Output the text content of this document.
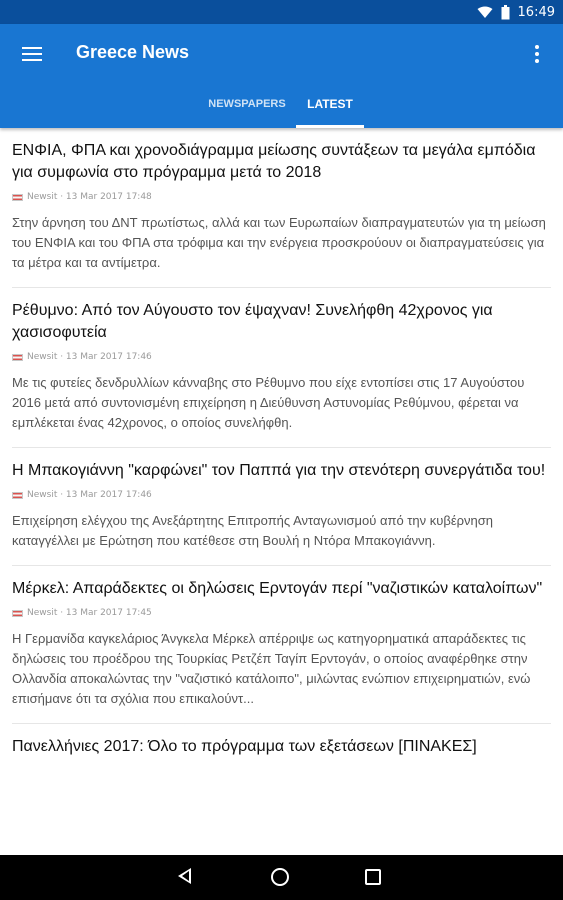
16:49
Greece News
NEWSPAPERS	LATEST

ΕΝΦΙΑ, ΦΠΑ και χρονοδιάγραμμα μείωσης συντάξεων τα μεγάλα εμπόδια για συμφωνία στο πρόγραμμα μετά το 2018

Newsit · 13 Mar 2017 17:48
Στην άρνηση του ΔΝΤ πρωτίστως, αλλά και των Ευρωπαίων διαπραγματευτών για τη μείωση του ΕΝΦΙΑ και του ΦΠΑ στα τρόφιμα και την ενέργεια προσκρούουν οι διαπραγματεύσεις για τα μέτρα και τα αντίμετρα.

Ρέθυμνο: Από τον Αύγουστο τον έψαχναν! Συνελήφθη 42χρονος για χασισοφυτεία

Newsit · 13 Mar 2017 17:46
Με τις φυτείες δενδρυλλίων κάνναβης στο Ρέθυμνο που είχε εντοπίσει στις 17 Αυγούστου 2016 μετά από συντονισμένη επιχείρηση η Διεύθυνση Αστυνομίας Ρεθύμνου, φέρεται να εμπλέκεται ένας 42χρονος, ο οποίος συνελήφθη.

Η Μπακογιάννη "καρφώνει" τον Παππά για την στενότερη συνεργάτιδα του!

Newsit · 13 Mar 2017 17:46
Επιχείρηση ελέγχου της Ανεξάρτητης Επιτροπής Ανταγωνισμού από την κυβέρνηση καταγγέλλει με Ερώτηση που κατέθεσε στη Βουλή η Ντόρα Μπακογιάννη.

Μέρκελ: Απαράδεκτες οι δηλώσεις Ερντογάν περί "ναζιστικών καταλοίπων"

Newsit · 13 Mar 2017 17:45
Η Γερμανίδα καγκελάριος Άνγκελα Μέρκελ απέρριψε ως κατηγορηματικά απαράδεκτες τις δηλώσεις του προέδρου της Τουρκίας Ρετζέπ Ταγίπ Ερντογάν, ο οποίος αναφέρθηκε στην Ολλανδία αποκαλώντας την "ναζιστικό κατάλοιπο", μιλώντας ενώπιον επιχειρηματιών, ενώ επισήμανε ότι τα σχόλια που επικαλούντ...

Πανελλήνιες 2017: Όλο το πρόγραμμα των εξετάσεων [ΠΙΝΑΚΕΣ]
